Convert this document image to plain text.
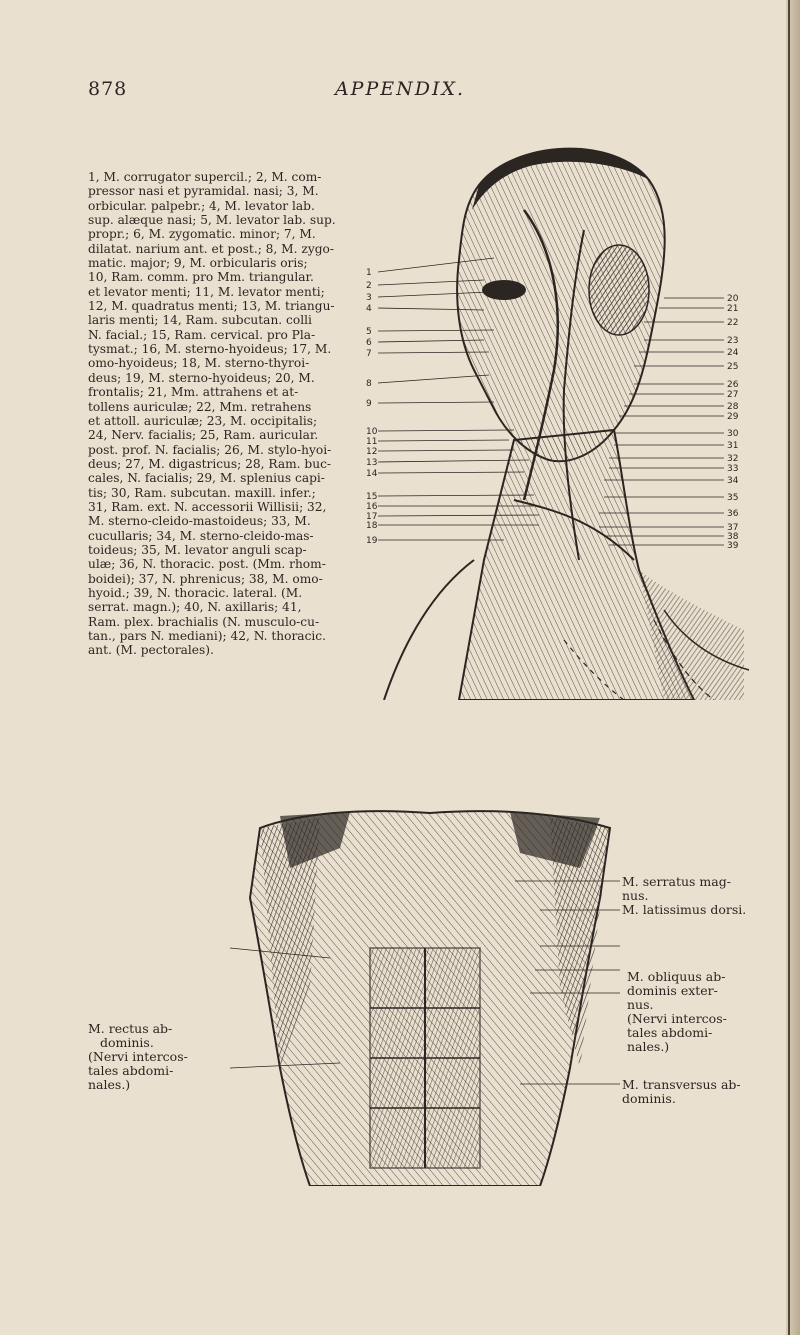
878	APPENDIX.
1, M. corrugator supercil.; 2, M. com-
pressor nasi et pyramidal. nasi; 3, M.
orbicular. palpebr.; 4, M. levator lab.
sup. alæque nasi; 5, M. levator lab. sup.
propr.; 6, M. zygomatic. minor; 7, M.
dilatat. narium ant. et post.; 8, M. zygo-
matic. major; 9, M. orbicularis oris;
10, Ram. comm. pro Mm. triangular.
et levator menti; 11, M. levator menti;
12, M. quadratus menti; 13, M. triangu-
laris menti; 14, Ram. subcutan. colli
N. facial.; 15, Ram. cervical. pro Pla-
tysmat.; 16, M. sterno-hyoideus; 17, M.
omo-hyoideus; 18, M. sterno-thyroi-
deus; 19, M. sterno-hyoideus; 20, M.
frontalis; 21, Mm. attrahens et at-
tollens auriculæ; 22, Mm. retrahens
et attoll. auriculæ; 23, M. occipitalis;
24, Nerv. facialis; 25, Ram. auricular.
post. prof. N. facialis; 26, M. stylo-hyoi-
deus; 27, M. digastricus; 28, Ram. buc-
cales, N. facialis; 29, M. splenius capi-
tis; 30, Ram. subcutan. maxill. infer.;
31, Ram. ext. N. accessorii Willisii; 32,
M. sterno-cleido-mastoideus; 33, M.
cucullaris; 34, M. sterno-cleido-mas-
toideus; 35, M. levator anguli scap-
ulæ; 36, N. thoracic. post. (Mm. rhom-
boidei); 37, N. phrenicus; 38, M. omo-
hyoid.; 39, N. thoracic. lateral. (M.
serrat. magn.); 40, N. axillaris; 41,
Ram. plex. brachialis (N. musculo-cu-
tan., pars N. mediani); 42, N. thoracic.
ant. (M. pectorales).
1
2
3
4
5
6
7
8
9
10
11
12
13
14
15
16
17
18
19
20
21
22
23
24
25
26
27
28
29
30
31
32
33
34
35
36
37
38
39
M. rectus ab-
dominis.
(Nervi intercos-
tales abdomi-
nales.)
M. serratus mag-
nus.
M. latissimus dorsi.
M. obliquus ab-
dominis exter-
nus.
(Nervi intercos-
tales abdomi-
nales.)
M. transversus ab-
dominis.
